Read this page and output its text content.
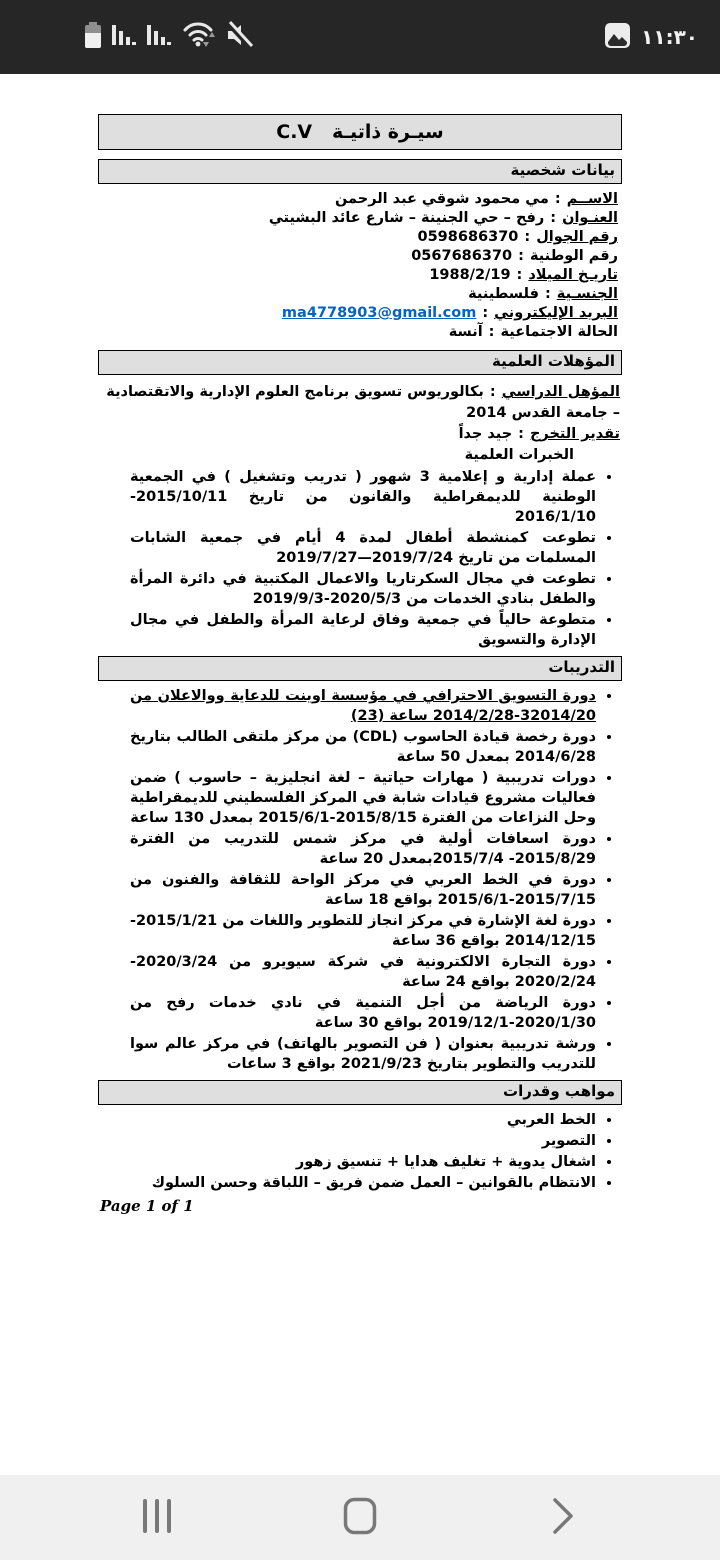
١١:٣٠
سيـرة ذاتيـة   C.V
بيانات شخصية
الاســم:مي محمود شوقي عبد الرحمن
العنـوان:رفح – حي الجنينة – شارع عائد البشيتي
رقم الجوال:0598686370
رقم الوطنية:0567686370
تاريـخ الميلاد:1988/2/19
الجنسـية:فلسطينية
البريد الإليكتروني:ma4778903@gmail.com
الحالة الاجتماعية:آنسة
المؤهلات العلمية
المؤهل الدراسي:بكالوريوس تسويق برنامج العلوم الإدارية والاتقتصادية – جامعة القدس 2014
تقدير التخرج:جيد جداً
الخبرات العلمية
• عملة إدارية و إعلامية 3 شهور ( تدريب وتشغيل ) في الجمعية الوطنية للديمقراطية والقانون من تاريخ 2015/10/11- 2016/1/10
• تطوعت كمنشطة أطفال لمدة 4 أيام في جمعية الشابات المسلمات من تاريخ 2019/7/24—2019/7/27
• تطوعت في مجال السكرتاريا والاعمال المكتبية في دائرة المرأة والطفل بنادي الخدمات من 2020/5/3-2019/9/3
• متطوعة حالياً في جمعية وفاق لرعاية المرأة والطفل في مجال الإدارة والتسويق
التدريبات
• دورة التسويق الاحترافي في مؤسسة اوينت للدعاية ووالاعلان من 32014/20-2014/2/28 ساعة (23)
• دورة رخصة قيادة الحاسوب (CDL) من مركز ملتقى الطالب بتاريخ 2014/6/28 بمعدل 50 ساعة
• دورات تدريبية ( مهارات حياتية – لغة انجليزية – حاسوب ) ضمن فعاليات مشروع قيادات شابة في المركز الفلسطيني للديمقراطية وحل النزاعات من الفترة 2015/8/15-2015/6/1 بمعدل 130 ساعة
• دورة اسعافات أولية في مركز شمس للتدريب من الفترة 2015/8/29- 2015/7/4بمعدل 20 ساعة
• دورة في الخط العربي في مركز الواحة للثقافة والفنون من 2015/7/15-2015/6/1 بواقع 18 ساعة
• دورة لغة الإشارة في مركز انجاز للتطوير واللغات من 2015/1/21-2014/12/15 بواقع 36 ساعة
• دورة التجارة الالكترونية في شركة سيويرو من 2020/3/24-2020/2/24 بواقع 24 ساعة
• دورة الرياضة من أجل التنمية في نادي خدمات رفح من 2020/1/30-2019/12/1 بواقع 30 ساعة
• ورشة تدريبية بعنوان ( فن التصوير بالهاتف) في مركز عالم سوا للتدريب والتطوير بتاريخ 2021/9/23 بواقع 3 ساعات
مواهب وقدرات
• الخط العربي
• التصوير
• اشغال يدوية + تغليف هدايا + تنسيق زهور
• الانتظام بالقوانين – العمل ضمن فريق – اللباقة وحسن السلوك
Page 1 of 1
